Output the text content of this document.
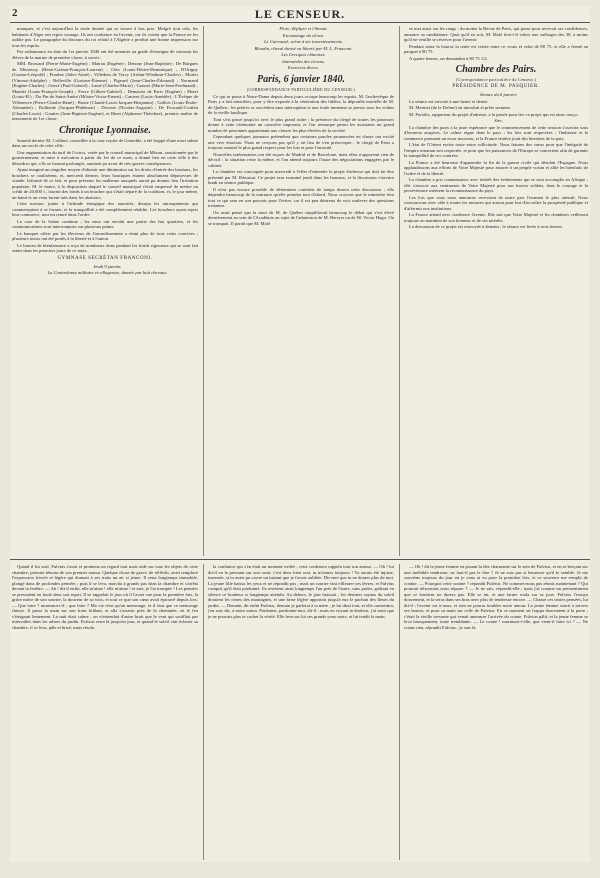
2	LE CENSEUR.

monquer, et c'est aujourd'hui la seule denrée qui se trouve à bas prix. Malgré tout cela, les habitants d'Alger ont repris courage. Ils ont confiance en l'avenir, car ils voient que la France ne les oublie pas. Le paragraphe du discours du roi relatif à l'Algérie a produit une bonne impression sur tous les esprits.

Par ordonnance en date du 1er janvier 1840 ont été nommés au grade d'enseigne de vaisseau les élèves de la marine de première classe, à savoir :

MM. Brossard (Pierre-Marie-Eugène) ; Mairau (Eugène) ; Denoue (Jean-Baptiste) ; De Burgues de Missiessy (Henri-Gaëtan-François-Laurent) ; Orin (Louis-Désiré-Dominique) ; D'Origny (Gaston-Léopold) ; Prouhet (Jules-Aimé) ; Villedieu de Torcy (Arthur-Wladimir-Charles) ; Morier (Vincent-Adolphe) ; Belleville (Gustave-Étienne) ; Pigeard (Jean-Charles-Édouard) ; Normand (Eugène-Charles) ; Ouvré (Paul-Gabriel) ; Lainé (Charles-Marie) ; Grasset (Marie-Jean-Ferdinand) ; Maudet (Louis-François-Joseph) ; Favre (Gilbert-Gabriel) ; Demaretz de Paris (Eugène) ; Motet (Louis-H.) ; Du Pin de Saint-André (Hilaire-Victor-Ernest) ; Canivet (Louis-Amédée) ; L'Évêque de Villeneuve (Pierre-Charles-René) ; Bonie (Claude-Louis-Jacques-Benjamin) ; Gallois (Louis-Émile-Alexandre) ; Dollieule (Jacques-Philémon) ; Decoste (Nicolas-Auguste) ; De Foucault-Cottilat (Charles-Louis) ; Gautier (Jean-Baptiste-Eugène), et Binet (Alphonse-Théodore), premier maître de timonnerie de 1re classe.

Chronique Lyonnaise.

Samedi dernier M. Coffinet, conseiller à la cour royale de Grenoble, a été frappé d'une mort subite dans un cercle de cette ville.

Une augmentation du tarif de l'octroi, votée par le conseil municipal de Mâcon, sanctionnée par le gouvernement, et mise à exécution à partir du 1er de ce mois, a donné lieu en cette ville à des désordres qui, s'ils se fussent prolongés, auraient pu avoir de très-graves conséquences.

Ayant imaginé un singulier moyen d'obtenir une diminution sur les droits d'entrée des bestiaux, les bouchers se coalisèrent, et, mercredi dernier, leurs boutiques étaient absolument dépourvues de viande. Informé de ce fait, et pour prévenir les malheurs auxquels aurait pu donner lieu l'irritation populaire, M. le maire, à la disposition duquel le conseil municipal s'était empressé de mettre un crédit de 20,000 f., fournit des fonds à un boucher qui s'était séparé de la coalition, et, le jour même, un bœuf et un veau furent tués dans les abattoirs.

Cette mesure, jointe à l'attitude énergique des autorités, dissipa les attroupements qui commençaient à se former, et la tranquillité a été complètement rétablie. Les bouchers ayant repris leur commerce, tout est rentré dans l'ordre.

La crue de la Saône continue ; les eaux ont envahi une partie des bas quartiers, et les communications sont interrompues sur plusieurs points.

Le banquet offert par les électeurs de l'arrondissement a réuni plus de trois cents convives ; plusieurs toasts ont été portés à la liberté et à l'union.

Le bureau de bienfaisance a reçu de nombreux dons pendant les froids rigoureux qui se sont fait sentir dans les premiers jours de ce mois.

GYMNASE SECRÉTAN FRANCONI.

Jeudi 9 janvier.

La Contredanse militaire et villageoise, dansée par huit chevaux.

Flore, Zéphyre et l'Amour.

Escamotage du clown.

Le Carrousel, scène à six travestissements.

Blondin, cheval dressé en liberté par M. L. Franconi.

Les Grecques chinoises.

Intermèdes des clowns.

Exercices divers.

Paris, 6 janvier 1840.
(CORRESPONDANCE PARTICULIÈRE DU CENSEUR.)

Ce qui se passe à Notre-Dame depuis deux jours occupe beaucoup les esprits. M. l'archevêque de Paris y a fait transférer, pour y être exposée à la vénération des fidèles, la dépouille mortelle de M. de Quélen ; les prières se succèdent sans interruption et une foule immense se presse sous les voûtes de la vieille basilique.

Tout s'est passé jusqu'ici avec le plus grand ordre ; la présence du clergé de toutes les paroisses donne à cette cérémonie un caractère imposant, et l'on remarque parmi les assistants un grand nombre de personnes appartenant aux classes les plus élevées de la société.

Cependant quelques journaux prétendent que certaines paroles prononcées en chaire ont excité une vive émotion. Nous ne croyons pas qu'il y ait lieu de s'en préoccuper ; le clergé de Paris a toujours montré le plus grand respect pour les lois et pour l'autorité.

Nouvelles intéressantes ont été reçues de Madrid et de Barcelone, mais elles n'apportent rien de décisif ; la situation reste la même, et l'on attend toujours l'issue des négociations engagées par le cabinet.

La chambre est convoquée pour mercredi à l'effet d'entendre le projet d'adresse qui doit lui être présenté par M. Rémusat. Ce projet sera examiné jeudi dans les bureaux, et la discussion s'ouvrira lundi en séance publique.

Il n'est pas encore possible de déterminer combien de temps durera cette discussion ; elle dépendra beaucoup de la tournure qu'elle prendra tout d'abord. Nous croyons que le ministère fera tout ce qui sera en son pouvoir pour l'éviter, car il est peu désireux de voir soulever des questions irritantes.

On avait pensé que la mort de M. de Quélen simplifierait beaucoup le débat qui s'est élevé dernièrement au sein de l'Académie au sujet de l'admission de M. Berryer ou de M. Victor Hugo. On se trompait. Il paraît que M. Molé

se met aussi sur les rangs ; du moins la Revue de Paris, qui passe pour recevoir ses confidences, annonce sa candidature. Quoi qu'il en soit, M. Molé fera-t-il valoir aux suffrages des 38, à moins qu'il ne veuille se réserver pour l'avenir.

Pendant toute la bourse la rente est restée entre ce cours et celui de 80 75, et elle a fermé au parquet à 80 75.

A quatre heures, on demandait à 80 75 1/2.

Chambre des Pairs.
(Correspondance particulière du Censeur.)
PRÉSIDENCE DE M. PASQUIER.

Séance du 6 janvier.

La séance est ouverte à une heure et demie.

M. Mermet (de la Drôme) en introduit et prête serment.

M. Portalis, rapporteur du projet d'adresse, a la parole pour lire ce projet qui est ainsi conçu :

Sire,

La chambre des pairs a la juste espérance que le commencement de cette session s'ouvrira sous d'heureux auspices. Le calme règne dans le pays ; les lois sont respectées ; l'industrie et le commerce prennent un essor nouveau, et la France entière jouit des bienfaits de la paix.

L'état de l'Orient excite toute notre sollicitude. Nous faisons des vœux pour que l'intégrité de l'empire ottoman soit respectée, et pour que les puissances de l'Europe se concertent afin de garantir la tranquillité de ces contrées.

La France a été heureuse d'apprendre la fin de la guerre civile qui désolait l'Espagne. Nous applaudissons aux efforts de Votre Majesté pour assurer à un peuple voisin et allié les bienfaits de l'ordre et de la liberté.

La chambre a pris connaissance avec intérêt des événements qui se sont accomplis en Afrique ; elle s'associe aux sentiments de Votre Majesté pour nos braves soldats, dont le courage et la persévérance méritent la reconnaissance du pays.

Les lois que vous nous annoncez recevront de notre part l'examen le plus attentif. Nous concourrons avec zèle à toutes les mesures qui auront pour but d'accroître la prospérité publique et d'affermir nos institutions.

La France attend avec confiance l'avenir. Elle sait que Votre Majesté et les chambres veilleront toujours au maintien de son honneur et de ses intérêts.

La discussion de ce projet est renvoyée à demain ; la séance est levée à trois heures.

Quand il fut seul, Fulvius s'assit et promena un regard tout mais aide sur tous les objets de cette chambre, premier témoin de son premier amour. Quelque chose de grave, de réfléchi, avait remplacé l'expression frivole et légère qui donnait à ses traits un air si jeune. Il resta longtemps immobile, plongé dans de profondes pensées ; puis il se leva, marcha à grands pas dans la chambre et s'arrêta devant la fenêtre. — Ah ! dit-il enfin, elle m'aime ! elle m'aime ! et moi, je l'ai trompée ! Les pensées se pressaient en foule dans son esprit. Il se rappelait le jour où il l'avait vue pour la première fois, la grâce naïve de son sourire, la douceur de sa voix, et tout ce que son cœur avait éprouvé depuis lors. — Que faire ? murmura-t-il ; que faire ? Ma vie n'est qu'un mensonge, et il faut que ce mensonge finisse. Il passa la main sur son front brûlant, et alla s'asseoir près de la cheminée, où le feu s'éteignait lentement. La nuit était calme ; on n'entendait d'autre bruit que le vent qui soufflait par intervalles dans les arbres du jardin. Fulvius resta là jusqu'au jour, et quand le soleil vint éclairer sa chambre, il se leva, pâle et brisé, mais résolu.

la confiance qui s'en était un moment exilée ; cette confiance rappela tout son amour. — Oh ! lui dit-il en la pressant sur son cœur, c'est donc bien vrai, tu m'aimes toujours ! Tu aurais été injuste, insensée, si tu avais pu croire un instant que je t'avais oubliée. Dis-moi que tu ne doutes plus de moi. La jeune fille baissa les yeux et ne répondit pas ; mais un sourire vint effleurer ses lèvres, et Fulvius comprit qu'il était pardonné. Ils restèrent ainsi longtemps l'un près de l'autre, sans parler, goûtant en silence ce bonheur si longtemps attendu. Au dehors, le jour baissait ; les derniers rayons du soleil doraient les cimes des montagnes, et une brise légère apportait jusqu'à eux le parfum des fleurs du jardin. — Demain, dit enfin Fulvius, demain je parlerai à ta mère ; je lui dirai tout, et elle consentira, j'en suis sûr, à notre union. Pardonne, pardonne-moi, dit-il ; mais en voyant ta douleur, j'ai senti que je ne pouvais plus te cacher la vérité. Elle leva sur lui ses grands yeux noirs, et lui tendit la main.

— Oh ! dit la jeune femme en posant la tête charmante sur le sein de Fulvius, et en se berçant sur une ineffable tendresse, ne faut-il pas le dire ? Je ne suis pas si heureuse qu'il le semble. Je me souviens toujours du jour où je vous ai vu pour la première fois, et ce souvenir me remplit de crainte. — Pourquoi cette crainte ? répondit Fulvius. Ne sommes-nous pas réunis maintenant ? Qui pourrait désormais nous séparer ? — Je ne sais, répondit-elle ; mais j'ai comme un pressentiment que ce bonheur ne durera pas. Elle se tut, et une larme roula sur sa joue. Fulvius l'essuya doucement, et la serra dans ses bras avec plus de tendresse encore. — Chasse ces tristes pensées, lui dit-il ; l'avenir est à nous, et rien ne pourra troubler notre amour. La jeune femme sourit à travers ses larmes, et posa sa main sur celle de Fulvius. En ce moment on frappa doucement à la porte ; c'était la vieille servante qui venait annoncer l'arrivée du comte. Fulvius pâlit, et la jeune femme se leva brusquement, toute tremblante. — Le comte ! murmura-t-elle, que vient-il faire ici ? — Ne crains rien, répondit Fulvius ; je suis là.
